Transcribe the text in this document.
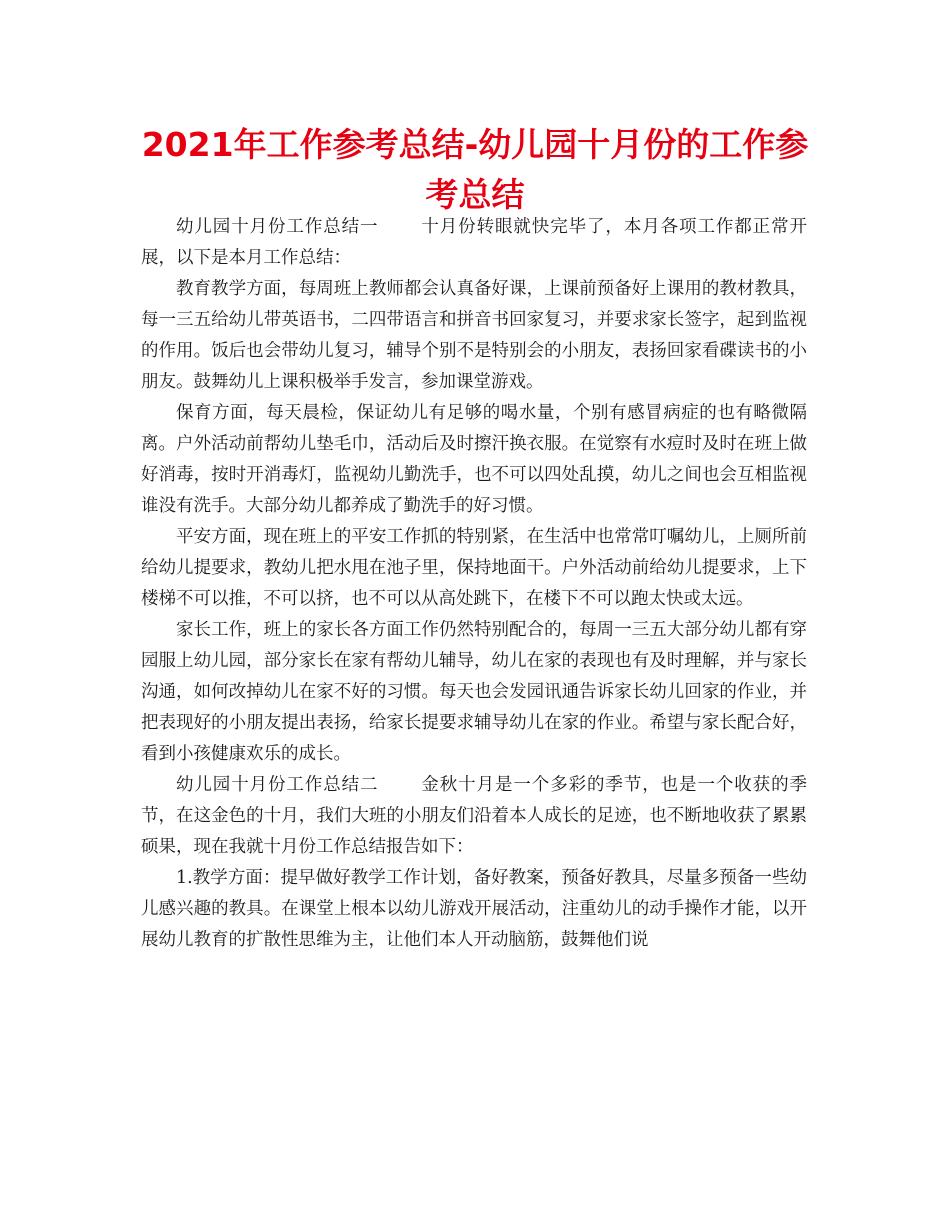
2021年工作参考总结-幼儿园十月份的工作参考总结

幼儿园十月份工作总结一 十月份转眼就快完毕了，本月各项工作都正常开展，以下是本月工作总结：

教育教学方面，每周班上教师都会认真备好课，上课前预备好上课用的教材教具，每一三五给幼儿带英语书，二四带语言和拼音书回家复习，并要求家长签字，起到监视的作用。饭后也会带幼儿复习，辅导个别不是特别会的小朋友，表扬回家看碟读书的小朋友。鼓舞幼儿上课积极举手发言，参加课堂游戏。

保育方面，每天晨检，保证幼儿有足够的喝水量，个别有感冒病症的也有略微隔离。户外活动前帮幼儿垫毛巾，活动后及时擦汗换衣服。在觉察有水痘时及时在班上做好消毒，按时开消毒灯，监视幼儿勤洗手，也不可以四处乱摸，幼儿之间也会互相监视谁没有洗手。大部分幼儿都养成了勤洗手的好习惯。

平安方面，现在班上的平安工作抓的特别紧，在生活中也常常叮嘱幼儿，上厕所前给幼儿提要求，教幼儿把水甩在池子里，保持地面干。户外活动前给幼儿提要求，上下楼梯不可以推，不可以挤，也不可以从高处跳下，在楼下不可以跑太快或太远。

家长工作，班上的家长各方面工作仍然特别配合的，每周一三五大部分幼儿都有穿园服上幼儿园，部分家长在家有帮幼儿辅导，幼儿在家的表现也有及时理解，并与家长沟通，如何改掉幼儿在家不好的习惯。每天也会发园讯通告诉家长幼儿回家的作业，并把表现好的小朋友提出表扬，给家长提要求辅导幼儿在家的作业。希望与家长配合好，看到小孩健康欢乐的成长。

幼儿园十月份工作总结二 金秋十月是一个多彩的季节，也是一个收获的季节，在这金色的十月，我们大班的小朋友们沿着本人成长的足迹，也不断地收获了累累硕果，现在我就十月份工作总结报告如下：

1.教学方面：提早做好教学工作计划，备好教案，预备好教具，尽量多预备一些幼儿感兴趣的教具。在课堂上根本以幼儿游戏开展活动，注重幼儿的动手操作才能，以开展幼儿教育的扩散性思维为主，让他们本人开动脑筋，鼓舞他们说
